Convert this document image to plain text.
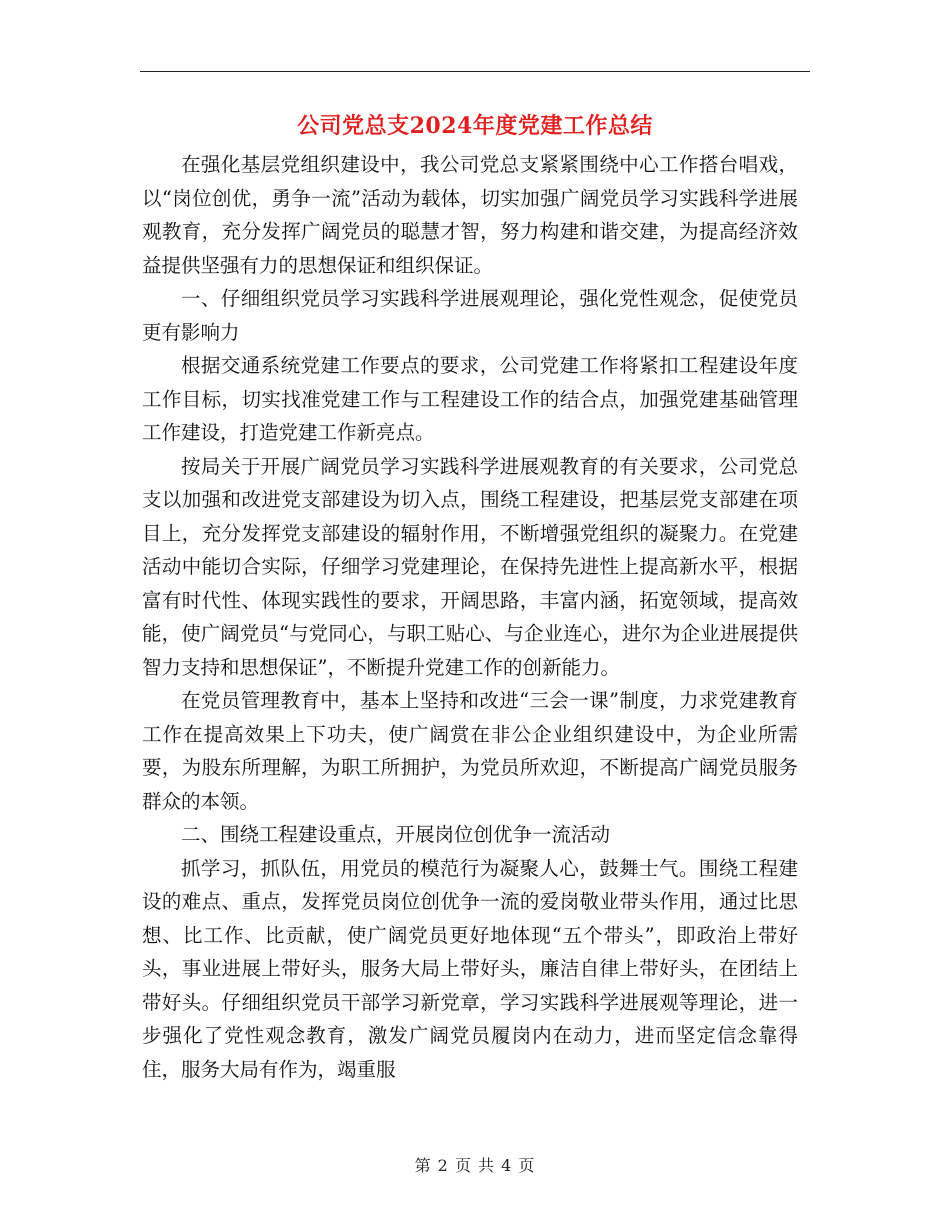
公司党总支2024年度党建工作总结

在强化基层党组织建设中，我公司党总支紧紧围绕中心工作搭台唱戏，以“岗位创优，勇争一流”活动为载体，切实加强广阔党员学习实践科学进展观教育，充分发挥广阔党员的聪慧才智，努力构建和谐交建，为提高经济效益提供坚强有力的思想保证和组织保证。

一、仔细组织党员学习实践科学进展观理论，强化党性观念，促使党员更有影响力

根据交通系统党建工作要点的要求，公司党建工作将紧扣工程建设年度工作目标，切实找准党建工作与工程建设工作的结合点，加强党建基础管理工作建设，打造党建工作新亮点。

按局关于开展广阔党员学习实践科学进展观教育的有关要求，公司党总支以加强和改进党支部建设为切入点，围绕工程建设，把基层党支部建在项目上，充分发挥党支部建设的辐射作用，不断增强党组织的凝聚力。在党建活动中能切合实际，仔细学习党建理论，在保持先进性上提高新水平，根据富有时代性、体现实践性的要求，开阔思路，丰富内涵，拓宽领域，提高效能，使广阔党员“与党同心，与职工贴心、与企业连心，进尔为企业进展提供智力支持和思想保证”，不断提升党建工作的创新能力。

在党员管理教育中，基本上坚持和改进“三会一课”制度，力求党建教育工作在提高效果上下功夫，使广阔赏在非公企业组织建设中，为企业所需要，为股东所理解，为职工所拥护，为党员所欢迎，不断提高广阔党员服务群众的本领。

二、围绕工程建设重点，开展岗位创优争一流活动

抓学习，抓队伍，用党员的模范行为凝聚人心，鼓舞士气。围绕工程建设的难点、重点，发挥党员岗位创优争一流的爱岗敬业带头作用，通过比思想、比工作、比贡献，使广阔党员更好地体现“五个带头”，即政治上带好头，事业进展上带好头，服务大局上带好头，廉洁自律上带好头，在团结上带好头。仔细组织党员干部学习新党章，学习实践科学进展观等理论，进一步强化了党性观念教育，激发广阔党员履岗内在动力，进而坚定信念靠得住，服务大局有作为，竭重服

第 2 页 共 4 页
